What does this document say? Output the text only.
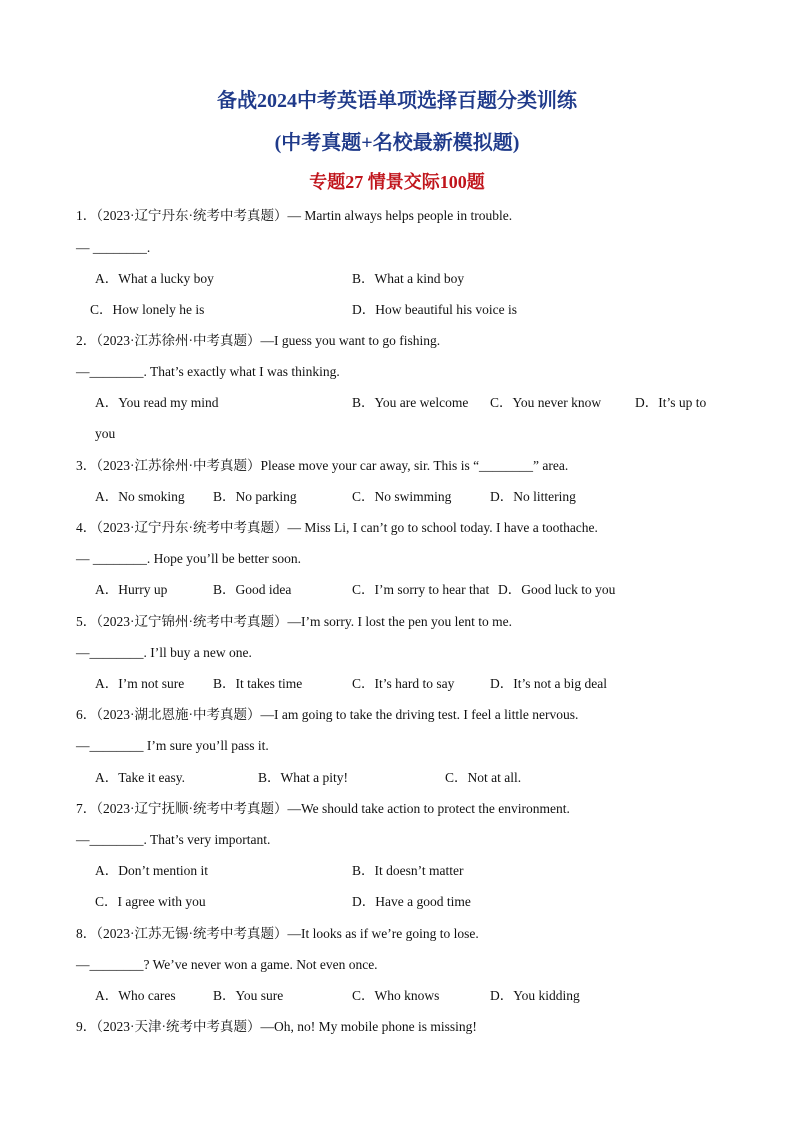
备战2024中考英语单项选择百题分类训练
(中考真题+名校最新模拟题)
专题27 情景交际100题
1．（2023·辽宁丹东·统考中考真题）— Martin always helps people in trouble.
— ________.
A．What a lucky boy	B．What a kind boy
C．How lonely he is	D．How beautiful his voice is
2．（2023·江苏徐州·中考真题）—I guess you want to go fishing.
—________. That’s exactly what I was thinking.
A．You read my mind	B．You are welcome C．You never know	D．It’s up to
you
3．（2023·江苏徐州·中考真题）Please move your car away, sir. This is “________” area.
A．No smoking B．No parking	C．No swimming	D．No littering
4．（2023·辽宁丹东·统考中考真题）— Miss Li, I can’t go to school today. I have a toothache.
— ________. Hope you’ll be better soon.
A．Hurry up	B．Good idea	C．I’m sorry to hear that D．Good luck to you
5．（2023·辽宁锦州·统考中考真题）—I’m sorry. I lost the pen you lent to me.
—________. I’ll buy a new one.
A．I’m not sure B．It takes time	C．It’s hard to say	D．It’s not a big deal
6．（2023·湖北恩施·中考真题）—I am going to take the driving test. I feel a little nervous.
—________ I’m sure you’ll pass it.
A．Take it easy.	B．What a pity!	C．Not at all.
7．（2023·辽宁抚顺·统考中考真题）—We should take action to protect the environment.
—________. That’s very important.
A．Don’t mention it	B．It doesn’t matter
C．I agree with you	D．Have a good time
8．（2023·江苏无锡·统考中考真题）—It looks as if we’re going to lose.
—________? We’ve never won a game. Not even once.
A．Who cares	B．You sure	C．Who knows	D．You kidding
9．（2023·天津·统考中考真题）—Oh, no! My mobile phone is missing!
